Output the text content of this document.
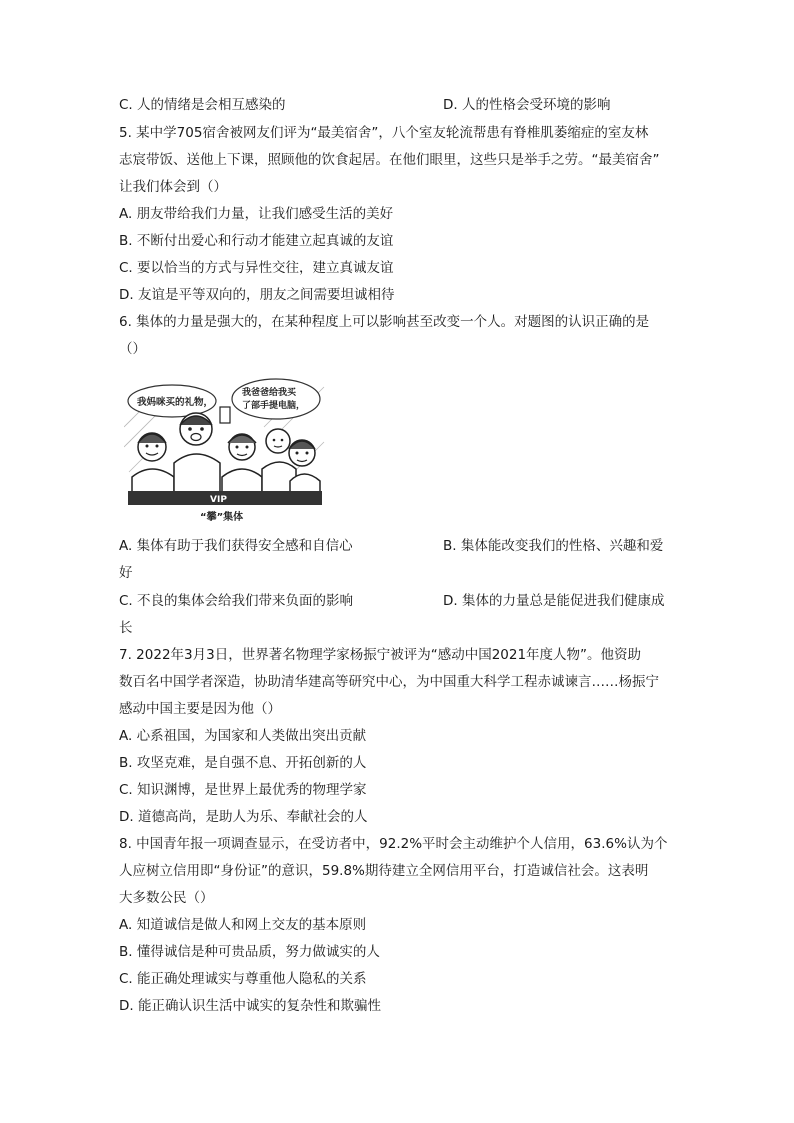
C. 人的情绪是会相互感染的	D. 人的性格会受环境的影响
5. 某中学705宿舍被网友们评为“最美宿舍”，八个室友轮流帮患有脊椎肌萎缩症的室友林
志宸带饭、送他上下课，照顾他的饮食起居。在他们眼里，这些只是举手之劳。“最美宿舍”
让我们体会到（）
A. 朋友带给我们力量，让我们感受生活的美好
B. 不断付出爱心和行动才能建立起真诚的友谊
C. 要以恰当的方式与异性交往，建立真诚友谊
D. 友谊是平等双向的，朋友之间需要坦诚相待
6. 集体的力量是强大的，在某种程度上可以影响甚至改变一个人。对题图的认识正确的是
（）
我妈咪买的礼物，
我爸爸给我买
了部手提电脑，
VIP
“攀”集体
A. 集体有助于我们获得安全感和自信心	B. 集体能改变我们的性格、兴趣和爱
好
C. 不良的集体会给我们带来负面的影响	D. 集体的力量总是能促进我们健康成
长
7. 2022年3月3日，世界著名物理学家杨振宁被评为“感动中国2021年度人物”。他资助
数百名中国学者深造，协助清华建高等研究中心，为中国重大科学工程赤诚谏言……杨振宁
感动中国主要是因为他（）
A. 心系祖国，为国家和人类做出突出贡献
B. 攻坚克难，是自强不息、开拓创新的人
C. 知识渊博，是世界上最优秀的物理学家
D. 道德高尚，是助人为乐、奉献社会的人
8. 中国青年报一项调查显示，在受访者中，92.2%平时会主动维护个人信用，63.6%认为个
人应树立信用即“身份证”的意识，59.8%期待建立全网信用平台，打造诚信社会。这表明
大多数公民（）
A. 知道诚信是做人和网上交友的基本原则
B. 懂得诚信是种可贵品质，努力做诚实的人
C. 能正确处理诚实与尊重他人隐私的关系
D. 能正确认识生活中诚实的复杂性和欺骗性
